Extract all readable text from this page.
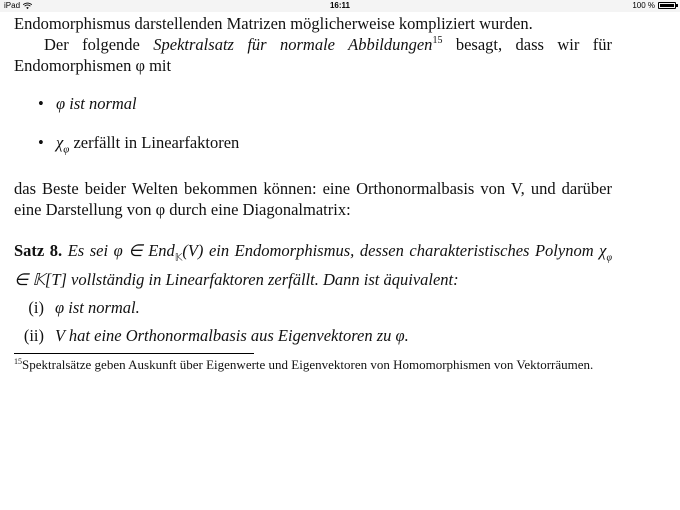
iPad	16:11	100 %

Endomorphismus darstellenden Matrizen möglicherweise kompliziert wurden.

Der folgende Spektralsatz für normale Abbildungen$^{15}$ besagt, dass wir für Endomorphismen φ mit

• φ ist normal
• $\chi_\varphi$ zerfällt in Linearfaktoren

das Beste beider Welten bekommen können: eine Orthonormalbasis von V, und darüber eine Darstellung von φ durch eine Diagonalmatrix:

Satz 8. Es sei φ ∈ End$_𝕂$(V) ein Endomorphismus, dessen charakteristisches Polynom $\chi_\varphi$ ∈ 𝕂[T] vollständig in Linearfaktoren zerfällt. Dann ist äquivalent:
(i) φ ist normal.
(ii) V hat eine Orthonormalbasis aus Eigenvektoren zu φ.
$^{15}$Spektralsätze geben Auskunft über Eigenwerte und Eigenvektoren von Homomorphismen von Vektorräumen.
